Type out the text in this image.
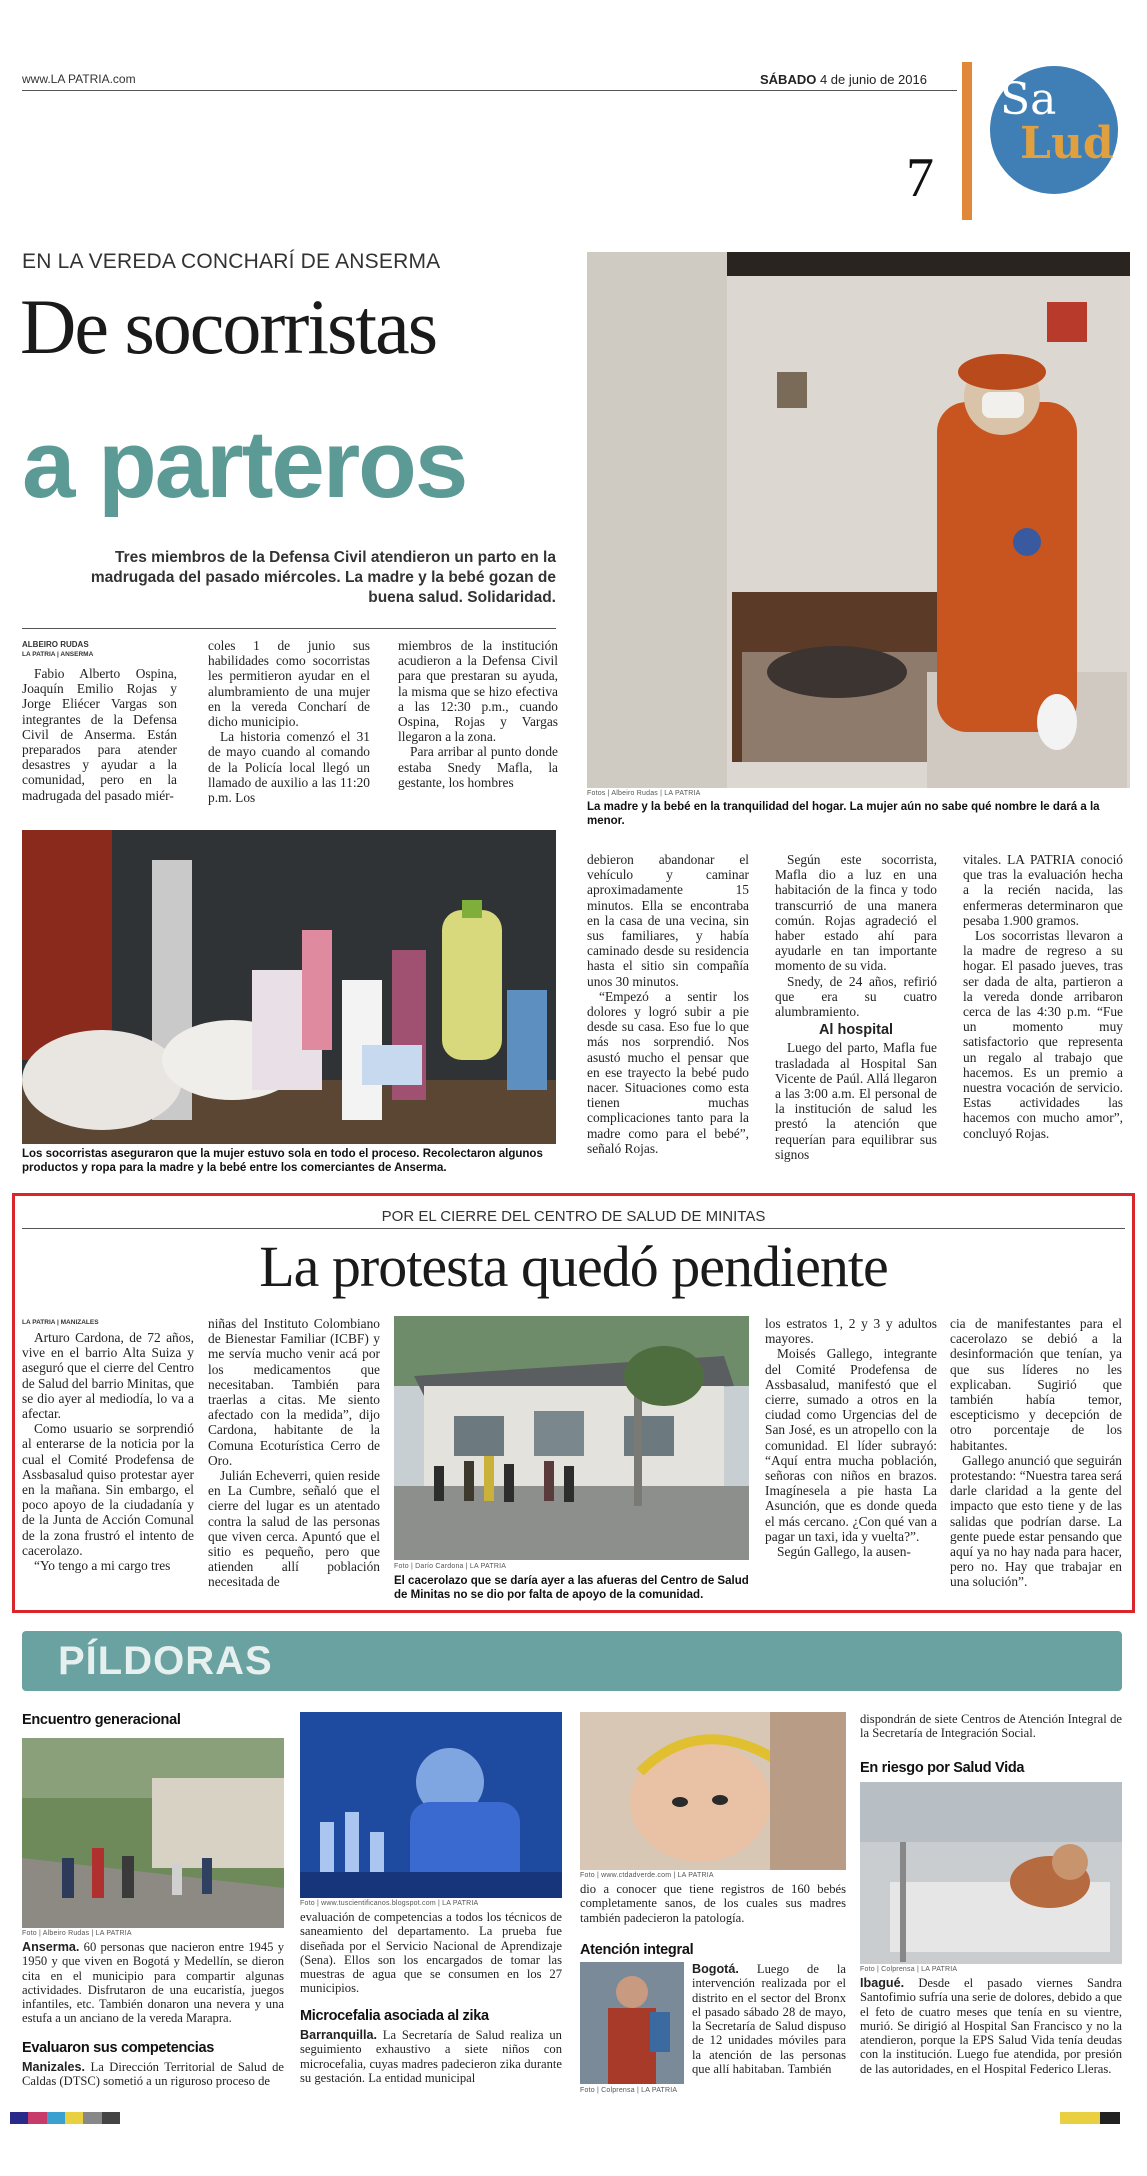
www.LA PATRIA.com	SÁBADO 4 de junio de 2016
7
Sa
Lud
EN LA VEREDA CONCHARÍ DE ANSERMA
De socorristas
a parteros
Tres miembros de la Defensa Civil atendieron un parto en la madrugada del pasado miércoles. La madre y la bebé gozan de buena salud. Solidaridad.
ALBEIRO RUDAS
LA PATRIA | ANSERMA

Fabio Alberto Ospina, Joaquín Emilio Rojas y Jorge Eliécer Vargas son integrantes de la Defensa Civil de Anserma. Están preparados para atender desastres y ayudar a la comunidad, pero en la madrugada del pasado miér-

coles 1 de junio sus habilidades como socorristas les permitieron ayudar en el alumbramiento de una mujer en la vereda Concharí de dicho municipio.

La historia comenzó el 31 de mayo cuando al comando de la Policía local llegó un llamado de auxilio a las 11:20 p.m. Los

miembros de la institución acudieron a la Defensa Civil para que prestaran su ayuda, la misma que se hizo efectiva a las 12:30 p.m., cuando Ospina, Rojas y Vargas llegaron a la zona.

Para arribar al punto donde estaba Snedy Mafla, la gestante, los hombres

Fotos | Albeiro Rudas | LA PATRIA
La madre y la bebé en la tranquilidad del hogar. La mujer aún no sabe qué nombre le dará a la menor.
Los socorristas aseguraron que la mujer estuvo sola en todo el proceso. Recolectaron algunos productos y ropa para la madre y la bebé entre los comerciantes de Anserma.

debieron abandonar el vehículo y caminar aproximadamente 15 minutos. Ella se encontraba en la casa de una vecina, sin sus familiares, y había caminado desde su residencia hasta el sitio sin compañía unos 30 minutos.

“Empezó a sentir los dolores y logró subir a pie desde su casa. Eso fue lo que más nos sorprendió. Nos asustó mucho el pensar que en ese trayecto la bebé pudo nacer. Situaciones como esta tienen muchas complicaciones tanto para la madre como para el bebé”, señaló Rojas.

Según este socorrista, Mafla dio a luz en una habitación de la finca y todo transcurrió de una manera común. Rojas agradeció el haber estado ahí para ayudarle en tan importante momento de su vida.

Snedy, de 24 años, refirió que era su cuatro alumbramiento.

Al hospital

Luego del parto, Mafla fue trasladada al Hospital San Vicente de Paúl. Allá llegaron a las 3:00 a.m. El personal de la institución de salud les prestó la atención que requerían para equilibrar sus signos

vitales. LA PATRIA conoció que tras la evaluación hecha a la recién nacida, las enfermeras determinaron que pesaba 1.900 gramos.

Los socorristas llevaron a la madre de regreso a su hogar. El pasado jueves, tras ser dada de alta, partieron a la vereda donde arribaron cerca de las 4:30 p.m. “Fue un momento muy satisfactorio que representa un regalo al trabajo que hacemos. Es un premio a nuestra vocación de servicio. Estas actividades las hacemos con mucho amor”, concluyó Rojas.

POR EL CIERRE DEL CENTRO DE SALUD DE MINITAS
La protesta quedó pendiente
LA PATRIA | MANIZALES

Arturo Cardona, de 72 años, vive en el barrio Alta Suiza y aseguró que el cierre del Centro de Salud del barrio Minitas, que se dio ayer al mediodía, lo va a afectar.

Como usuario se sorprendió al enterarse de la noticia por la cual el Comité Prodefensa de Assbasalud quiso protestar ayer en la mañana. Sin embargo, el poco apoyo de la ciudadanía y de la Junta de Acción Comunal de la zona frustró el intento de cacerolazo.

“Yo tengo a mi cargo tres

niñas del Instituto Colombiano de Bienestar Familiar (ICBF) y me servía mucho venir acá por los medicamentos que necesitaban. También para traerlas a citas. Me siento afectado con la medida”, dijo Cardona, habitante de la Comuna Ecoturística Cerro de Oro.

Julián Echeverri, quien reside en La Cumbre, señaló que el cierre del lugar es un atentado contra la salud de las personas que viven cerca. Apuntó que el sitio es pequeño, pero que atienden allí población necesitada de

Foto | Darío Cardona | LA PATRIA
El cacerolazo que se daría ayer a las afueras del Centro de Salud de Minitas no se dio por falta de apoyo de la comunidad.

los estratos 1, 2 y 3 y adultos mayores.

Moisés Gallego, integrante del Comité Prodefensa de Assbasalud, manifestó que el cierre, sumado a otros en la ciudad como Urgencias del de San José, es un atropello con la comunidad. El líder subrayó: “Aquí entra mucha población, señoras con niños en brazos. Imagínesela a pie hasta La Asunción, que es donde queda el más cercano. ¿Con qué van a pagar un taxi, ida y vuelta?”.

Según Gallego, la ausen-

cia de manifestantes para el cacerolazo se debió a la desinformación que tenían, ya que sus líderes no les explicaban. Sugirió que también había temor, escepticismo y decepción de otro porcentaje de los habitantes.

Gallego anunció que seguirán protestando: “Nuestra tarea será darle claridad a la gente del impacto que esto tiene y de las salidas que podrían darse. La gente puede estar pensando que aquí ya no hay nada para hacer, pero no. Hay que trabajar en una solución”.

PÍLDORAS
Encuentro generacional
Foto | Albeiro Rudas | LA PATRIA
Anserma. 60 personas que nacieron entre 1945 y 1950 y que viven en Bogotá y Medellín, se dieron cita en el municipio para compartir algunas actividades. Disfrutaron de una eucaristía, juegos infantiles, etc. También donaron una nevera y una estufa a un anciano de la vereda Marapra.
Evaluaron sus competencias
Manizales. La Dirección Territorial de Salud de Caldas (DTSC) sometió a un riguroso proceso de
Foto | www.tuscientificanos.blogspot.com | LA PATRIA
evaluación de competencias a todos los técnicos de saneamiento del departamento. La prueba fue diseñada por el Servicio Nacional de Aprendizaje (Sena). Ellos son los encargados de tomar las muestras de agua que se consumen en los 27 municipios.
Microcefalia asociada al zika
Barranquilla. La Secretaría de Salud realiza un seguimiento exhaustivo a siete niños con microcefalia, cuyas madres padecieron zika durante su gestación. La entidad municipal
Foto | www.ctdadverde.com | LA PATRIA
dio a conocer que tiene registros de 160 bebés completamente sanos, de los cuales sus madres también padecieron la patología.
Atención integral
Foto | Colprensa | LA PATRIA
Bogotá. Luego de la intervención realizada por el distrito en el sector del Bronx el pasado sábado 28 de mayo, la Secretaría de Salud dispuso de 12 unidades móviles para la atención de las personas que allí habitaban. También
dispondrán de siete Centros de Atención Integral de la Secretaría de Integración Social.
En riesgo por Salud Vida
Foto | Colprensa | LA PATRIA
Ibagué. Desde el pasado viernes Sandra Santofimio sufría una serie de dolores, debido a que el feto de cuatro meses que tenía en su vientre, murió. Se dirigió al Hospital San Francisco y no la atendieron, porque la EPS Salud Vida tenía deudas con la institución. Luego fue atendida, por presión de las autoridades, en el Hospital Federico Lleras.
